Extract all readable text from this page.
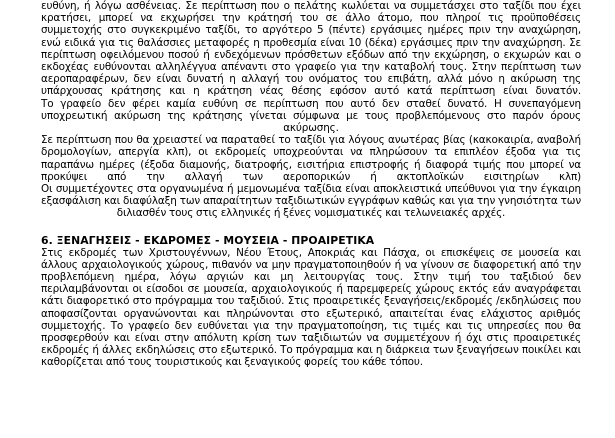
ευθύνη, ή λόγω ασθένειας. Σε περίπτωση που ο πελάτης κωλύεται να συμμετάσχει στο ταξίδι που έχει
κρατήσει, μπορεί να εκχωρήσει την κράτησή του σε άλλο άτομο, που πληροί τις προϋποθέσεις
συμμετοχής στο συγκεκριμένο ταξίδι, το αργότερο 5 (πέντε) εργάσιμες ημέρες πριν την αναχώρηση,
ενώ ειδικά για τις θαλάσσιες μεταφορές η προθεσμία είναι 10 (δέκα) εργάσιμες πριν την αναχώρηση. Σε
περίπτωση οφειλόμενου ποσού ή ενδεχόμενων πρόσθετων εξόδων από την εκχώρηση, ο εκχωρών και ο
εκδοχέας ευθύνονται αλληλέγγυα απέναντι στο γραφείο για την καταβολή τους. Στην περίπτωση των
αεροπαραφέρων, δεν είναι δυνατή η αλλαγή του ονόματος του επιβάτη, αλλά μόνο η ακύρωση της
υπάρχουσας κράτησης και η κράτηση νέας θέσης εφόσον αυτό κατά περίπτωση είναι δυνατόν.
Το γραφείο δεν φέρει καμία ευθύνη σε περίπτωση που αυτό δεν σταθεί δυνατό. Η συνεπαγόμενη
υποχρεωτική ακύρωση της κράτησης γίνεται σύμφωνα με τους προβλεπόμενους στο παρόν όρους
ακύρωσης.
Σε περίπτωση που θα χρειαστεί να παραταθεί το ταξίδι για λόγους ανωτέρας βίας (κακοκαιρία, αναβολή
δρομολογίων, απεργία κλπ), οι εκδρομείς υποχρεούνται να πληρώσουν τα επιπλέον έξοδα για τις
παραπάνω ημέρες (έξοδα διαμονής, διατροφής, εισιτήρια επιστροφής ή διαφορά τιμής που μπορεί να
προκύψει από την αλλαγή των αεροπορικών ή ακτοπλοϊκών εισιτηρίων κλπ)
Οι συμμετέχοντες στα οργανωμένα ή μεμονωμένα ταξίδια είναι αποκλειστικά υπεύθυνοι για την έγκαιρη
εξασφάλιση και διαφύλαξη των απαραίτητων ταξιδιωτικών εγγράφων καθώς και για την γνησιότητα των
διλιασθέν τους στις ελληνικές ή ξένες νομισματικές και τελωνειακές αρχές.
6. ΞΕΝΑΓΗΣΕΙΣ - ΕΚΔΡΟΜΕΣ - ΜΟΥΣΕΙΑ - ΠΡΟΑΙΡΕΤΙΚΑ
Στις εκδρομές των Χριστουγέννων, Νέου Έτους, Αποκριάς και Πάσχα, οι επισκέψεις σε μουσεία και
άλλους αρχαιολογικούς χώρους, πιθανόν να μην πραγματοποιηθούν ή να γίνουν σε διαφορετική από την
προβλεπόμενη ημέρα, λόγω αργιών και μη λειτουργίας τους. Στην τιμή του ταξιδιού δεν
περιλαμβάνονται οι είσοδοι σε μουσεία, αρχαιολογικούς ή παρεμφερείς χώρους εκτός εάν αναγράφεται
κάτι διαφορετικό στο πρόγραμμα του ταξιδιού. Στις προαιρετικές ξεναγήσεις/εκδρομές /εκδηλώσεις που
αποφασίζονται οργανώνονται και πληρώνονται στο εξωτερικό, απαιτείται ένας ελάχιστος αριθμός
συμμετοχής. Το γραφείο δεν ευθύνεται για την πραγματοποίηση, τις τιμές και τις υπηρεσίες που θα
προσφερθούν και είναι στην απόλυτη κρίση των ταξιδιωτών να συμμετέχουν ή όχι στις προαιρετικές
εκδρομές ή άλλες εκδηλώσεις στο εξωτερικό. Το πρόγραμμα και η διάρκεια των ξεναγήσεων ποικίλει και
καθορίζεται από τους τουριστικούς και ξεναγικούς φορείς του κάθε τόπου.
